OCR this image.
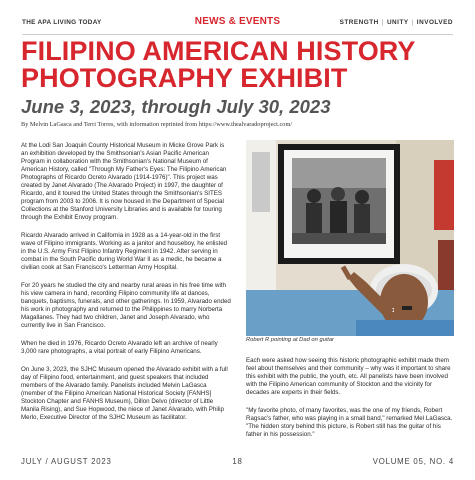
THE APA LIVING TODAY	NEWS & EVENTS	STRENGTH | UNITY | INVOLVED
FILIPINO AMERICAN HISTORY PHOTOGRAPHY EXHIBIT
June 3, 2023, through July 30, 2023
By Melvin LaGasca and Terri Torres, with information reprinted from https://www.thealvaradoproject.com/

At the Lodi San Joaquin County Historical Museum in Micke Grove Park is an exhibition developed by the Smithsonian's Asian Pacific American Program in collaboration with the Smithsonian's National Museum of American History, called "Through My Father's Eyes: The Filipino American Photographs of Ricardo Ocreto Alvarado (1914-1976)". This project was created by Janet Alvarado (The Alvarado Project) in 1997, the daughter of Ricardo, and it toured the United States through the Smithsonian's SITES program from 2003 to 2006. It is now housed in the Department of Special Collections at the Stanford University Libraries and is available for touring through the Exhibit Envoy program.

Ricardo Alvarado arrived in California in 1928 as a 14-year-old in the first wave of Filipino immigrants. Working as a janitor and houseboy, he enlisted in the U.S. Army First Filipino Infantry Regiment in 1942. After serving in combat in the South Pacific during World War II as a medic, he became a civilian cook at San Francisco's Letterman Army Hospital.

For 20 years he studied the city and nearby rural areas in his free time with his view camera in hand, recording Filipino community life at dances, banquets, baptisms, funerals, and other gatherings. In 1959, Alvarado ended his work in photography and returned to the Philippines to marry Norberta Magallanes. They had two children, Janet and Joseph Alvarado, who currently live in San Francisco.

When he died in 1976, Ricardo Ocreto Alvarado left an archive of nearly 3,000 rare photographs, a vital portrait of early Filipino Americans.

On June 3, 2023, the SJHC Museum opened the Alvarado exhibit with a full day of Filipino food, entertainment, and guest speakers that included members of the Alvarado family. Panelists included Melvin LaGasca (member of the Filipino American National Historical Society [FANHS] Stockton Chapter and FANHS Museum), Dillon Delvo (director of Little Manila Rising), and Sue Hopwood, the niece of Janet Alvarado, with Philip Merlo, Executive Director of the SJHC Museum as facilitator.

Robert R pointing at Dad on guitar

Each were asked how seeing this historic photographic exhibit made them feel about themselves and their community – why was it important to share this exhibit with the public, the youth, etc. All panelists have been involved with the Filipino American community of Stockton and the vicinity for decades are experts in their fields.

"My favorite photo, of many favorites, was the one of my friends, Robert Ragsac's father, who was playing in a small band," remarked Mel LaGasca. "The hidden story behind this picture, is Robert still has the guitar of his father in his possession."

JULY / AUGUST 2023	18	VOLUME 05, NO. 4
